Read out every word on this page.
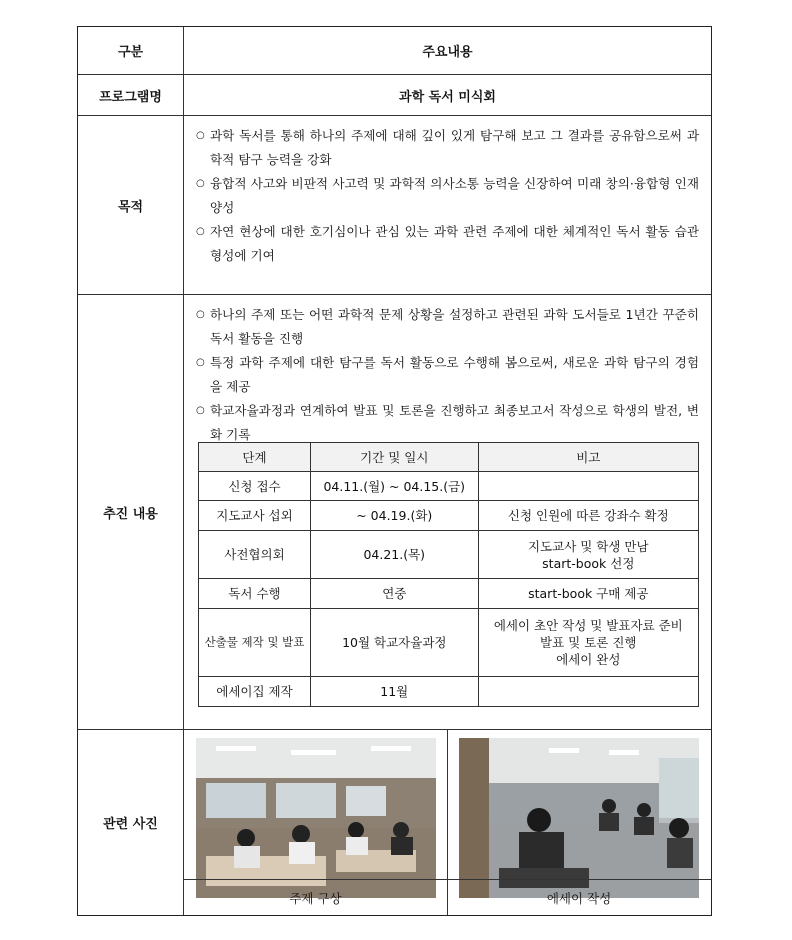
구분	주요내용
프로그램명	과학 독서 미식회
목적
○ 과학 독서를 통해 하나의 주제에 대해 깊이 있게 탐구해 보고 그 결과를 공유함으로써 과학적 탐구 능력을 강화
○ 융합적 사고와 비판적 사고력 및 과학적 의사소통 능력을 신장하여 미래 창의·융합형 인재 양성
○ 자연 현상에 대한 호기심이나 관심 있는 과학 관련 주제에 대한 체계적인 독서 활동 습관 형성에 기여
추진 내용
○ 하나의 주제 또는 어떤 과학적 문제 상황을 설정하고 관련된 과학 도서들로 1년간 꾸준히 독서 활동을 진행
○ 특정 과학 주제에 대한 탐구를 독서 활동으로 수행해 봄으로써, 새로운 과학 탐구의 경험을 제공
○ 학교자율과정과 연계하여 발표 및 토론을 진행하고 최종보고서 작성으로 학생의 발전, 변화 기록
단계	기간 및 일시	비고
신청 접수	04.11.(월) ~ 04.15.(금)	
지도교사 섭외	~ 04.19.(화)	신청 인원에 따른 강좌수 확정
사전협의회	04.21.(목)	지도교사 및 학생 만남
start-book 선정
독서 수행	연중	start-book 구매 제공
산출물 제작 및 발표	10월 학교자율과정	에세이 초안 작성 및 발표자료 준비
발표 및 토론 진행
에세이 완성
에세이집 제작	11월	
관련 사진
주제 구상	에세이 작성
